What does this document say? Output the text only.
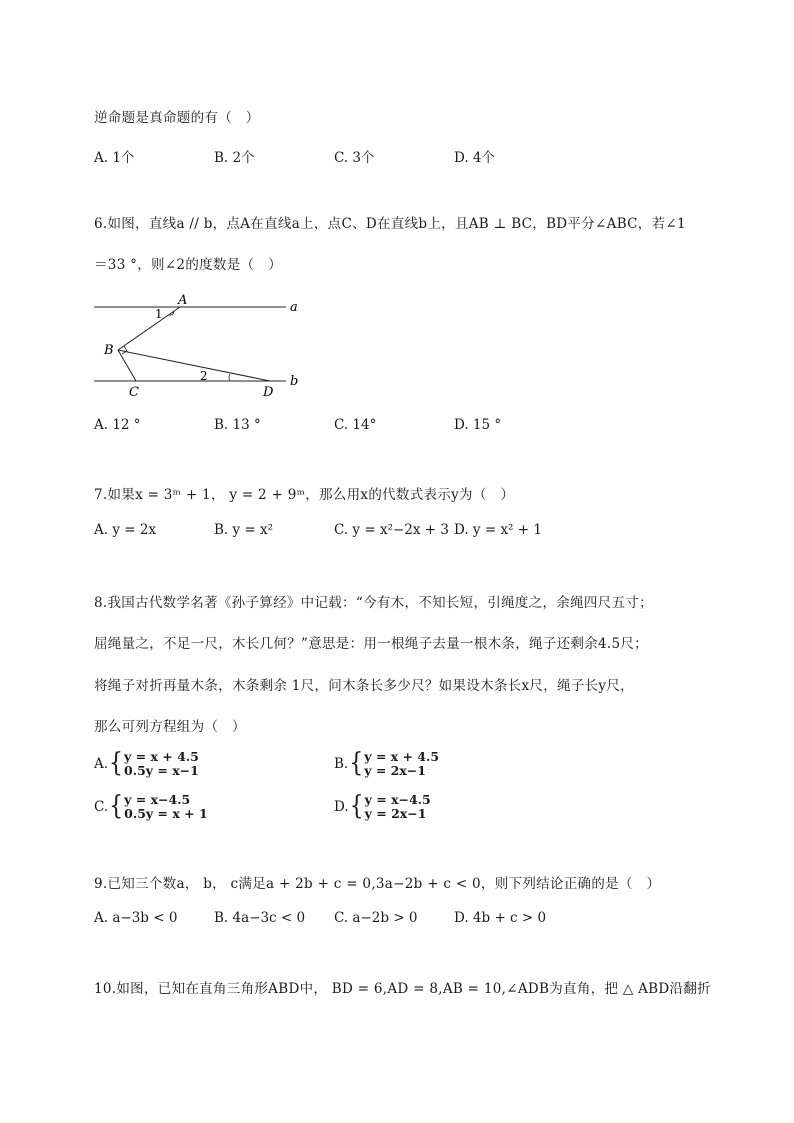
逆命题是真命题的有（　）
A. 1个	B. 2个	C. 3个	D. 4个
6.如图，直线a // b，点A在直线a上，点C、D在直线b上，且AB ⊥ BC，BD平分∠ABC，若∠1
＝33 °，则∠2的度数是（　）
A	a
1
B
2	b
C	D
A. 12 °	B. 13 °	C. 14°	D. 15 °
7.如果x = 3ᵐ + 1， y = 2 + 9ᵐ，那么用x的代数式表示y为（　）
A. y = 2x	B. y = x²	C. y = x²−2x + 3 D. y = x² + 1
8.我国古代数学名著《孙子算经》中记载：“今有木，不知长短，引绳度之，余绳四尺五寸；
屈绳量之，不足一尺，木长几何？”意思是：用一根绳子去量一根木条，绳子还剩余4.5尺；
将绳子对折再量木条，木条剩余 1尺，问木条长多少尺？如果设木条长x尺，绳子长y尺，
那么可列方程组为（　）
A. { y = x + 4.5
0.5y = x−1	B. { y = x + 4.5
y = 2x−1
C. { y = x−4.5
0.5y = x + 1	D. { y = x−4.5
y = 2x−1
9.已知三个数a， b， c满足a + 2b + c = 0,3a−2b + c < 0，则下列结论正确的是（　）
A. a−3b < 0	B. 4a−3c < 0 C. a−2b > 0	D. 4b + c > 0
10.如图，已知在直角三角形ABD中， BD = 6,AD = 8,AB = 10,∠ADB为直角，把 △ ABD沿翻折
